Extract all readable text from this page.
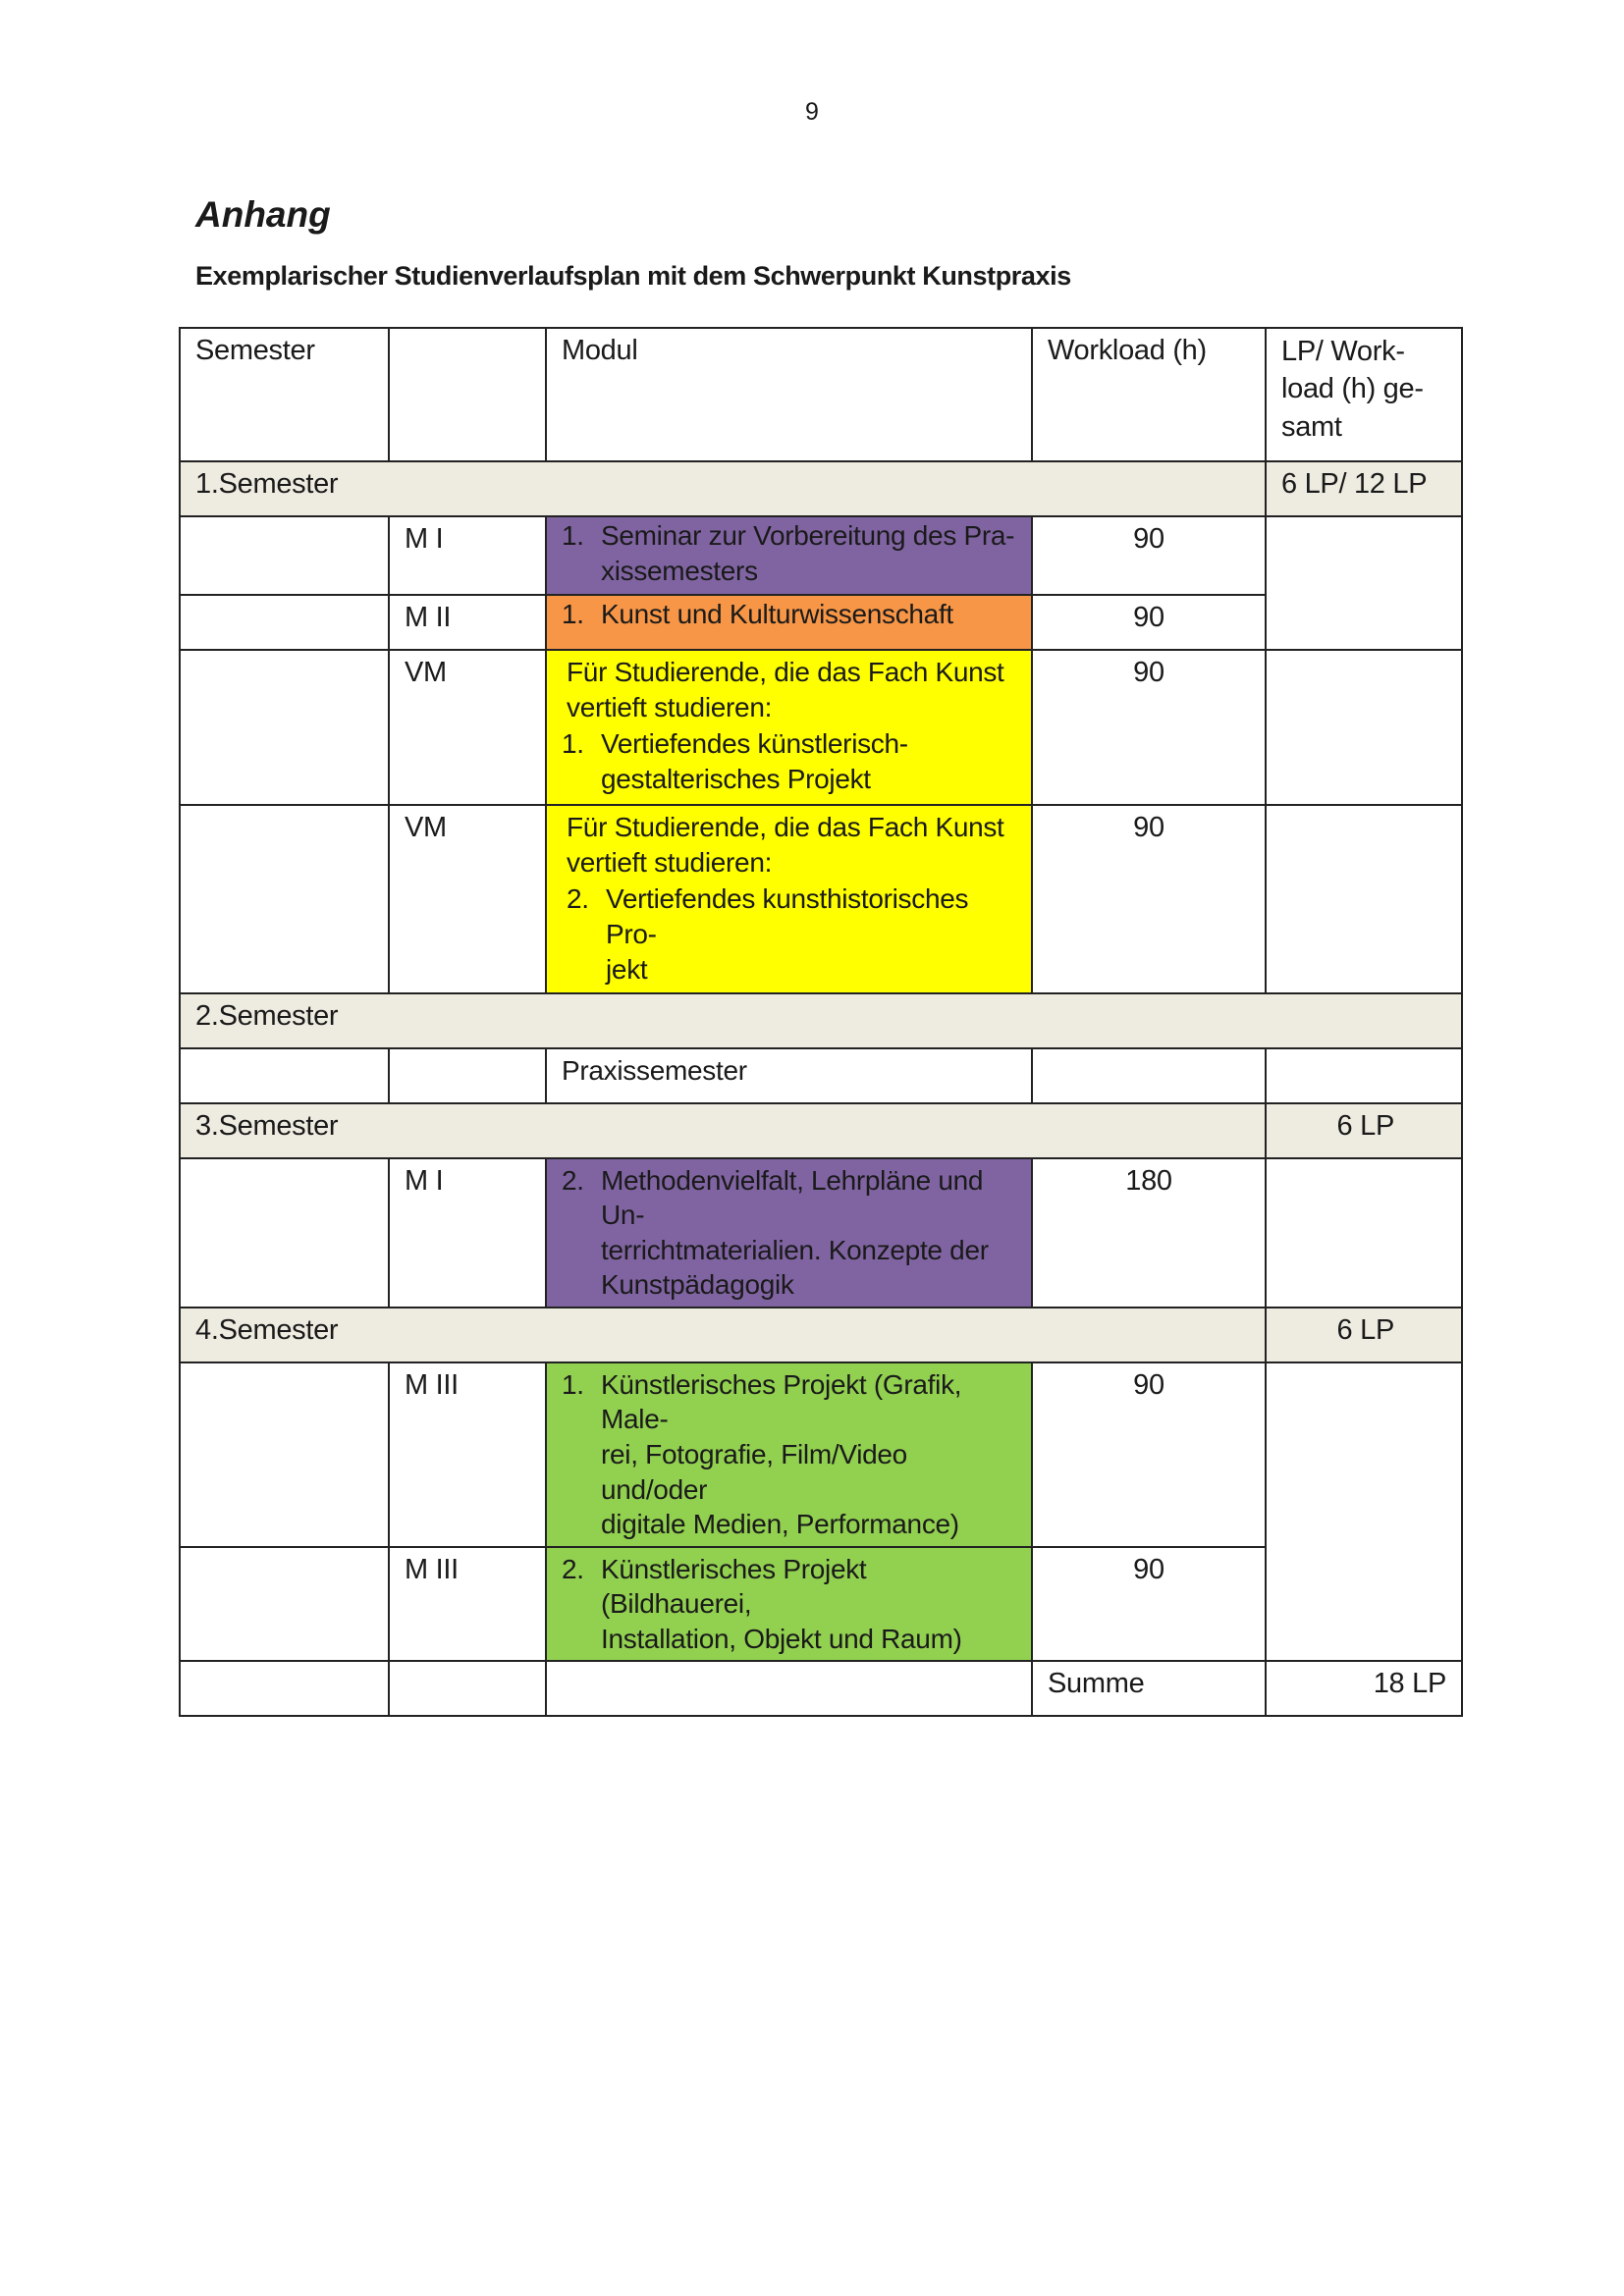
9
Anhang
Exemplarischer Studienverlaufsplan mit dem Schwerpunkt Kunstpraxis
Semester		Modul	Workload (h)	LP/ Work-
load (h) ge-
samt
1.Semester				6 LP/ 12 LP
	M I	1. Seminar zur Vorbereitung des Pra-
xissemesters	90	
	M II	1. Kunst und Kulturwissenschaft	90	
	VM	Für Studierende, die das Fach Kunst
vertieft studieren:
1. Vertiefendes künstlerisch-
gestalterisches Projekt	90	
	VM	Für Studierende, die das Fach Kunst
vertieft studieren:
2. Vertiefendes kunsthistorisches Pro-
jekt	90	
2.Semester				
		Praxissemester		
3.Semester				6 LP
	M I	2. Methodenvielfalt, Lehrpläne und Un-
terrichtmaterialien. Konzepte der
Kunstpädagogik	180	
4.Semester				6 LP
	M III	1. Künstlerisches Projekt (Grafik, Male-
rei, Fotografie, Film/Video und/oder
digitale Medien, Performance)	90	
	M III	2. Künstlerisches Projekt (Bildhauerei,
Installation, Objekt und Raum)	90	
			Summe	18 LP
